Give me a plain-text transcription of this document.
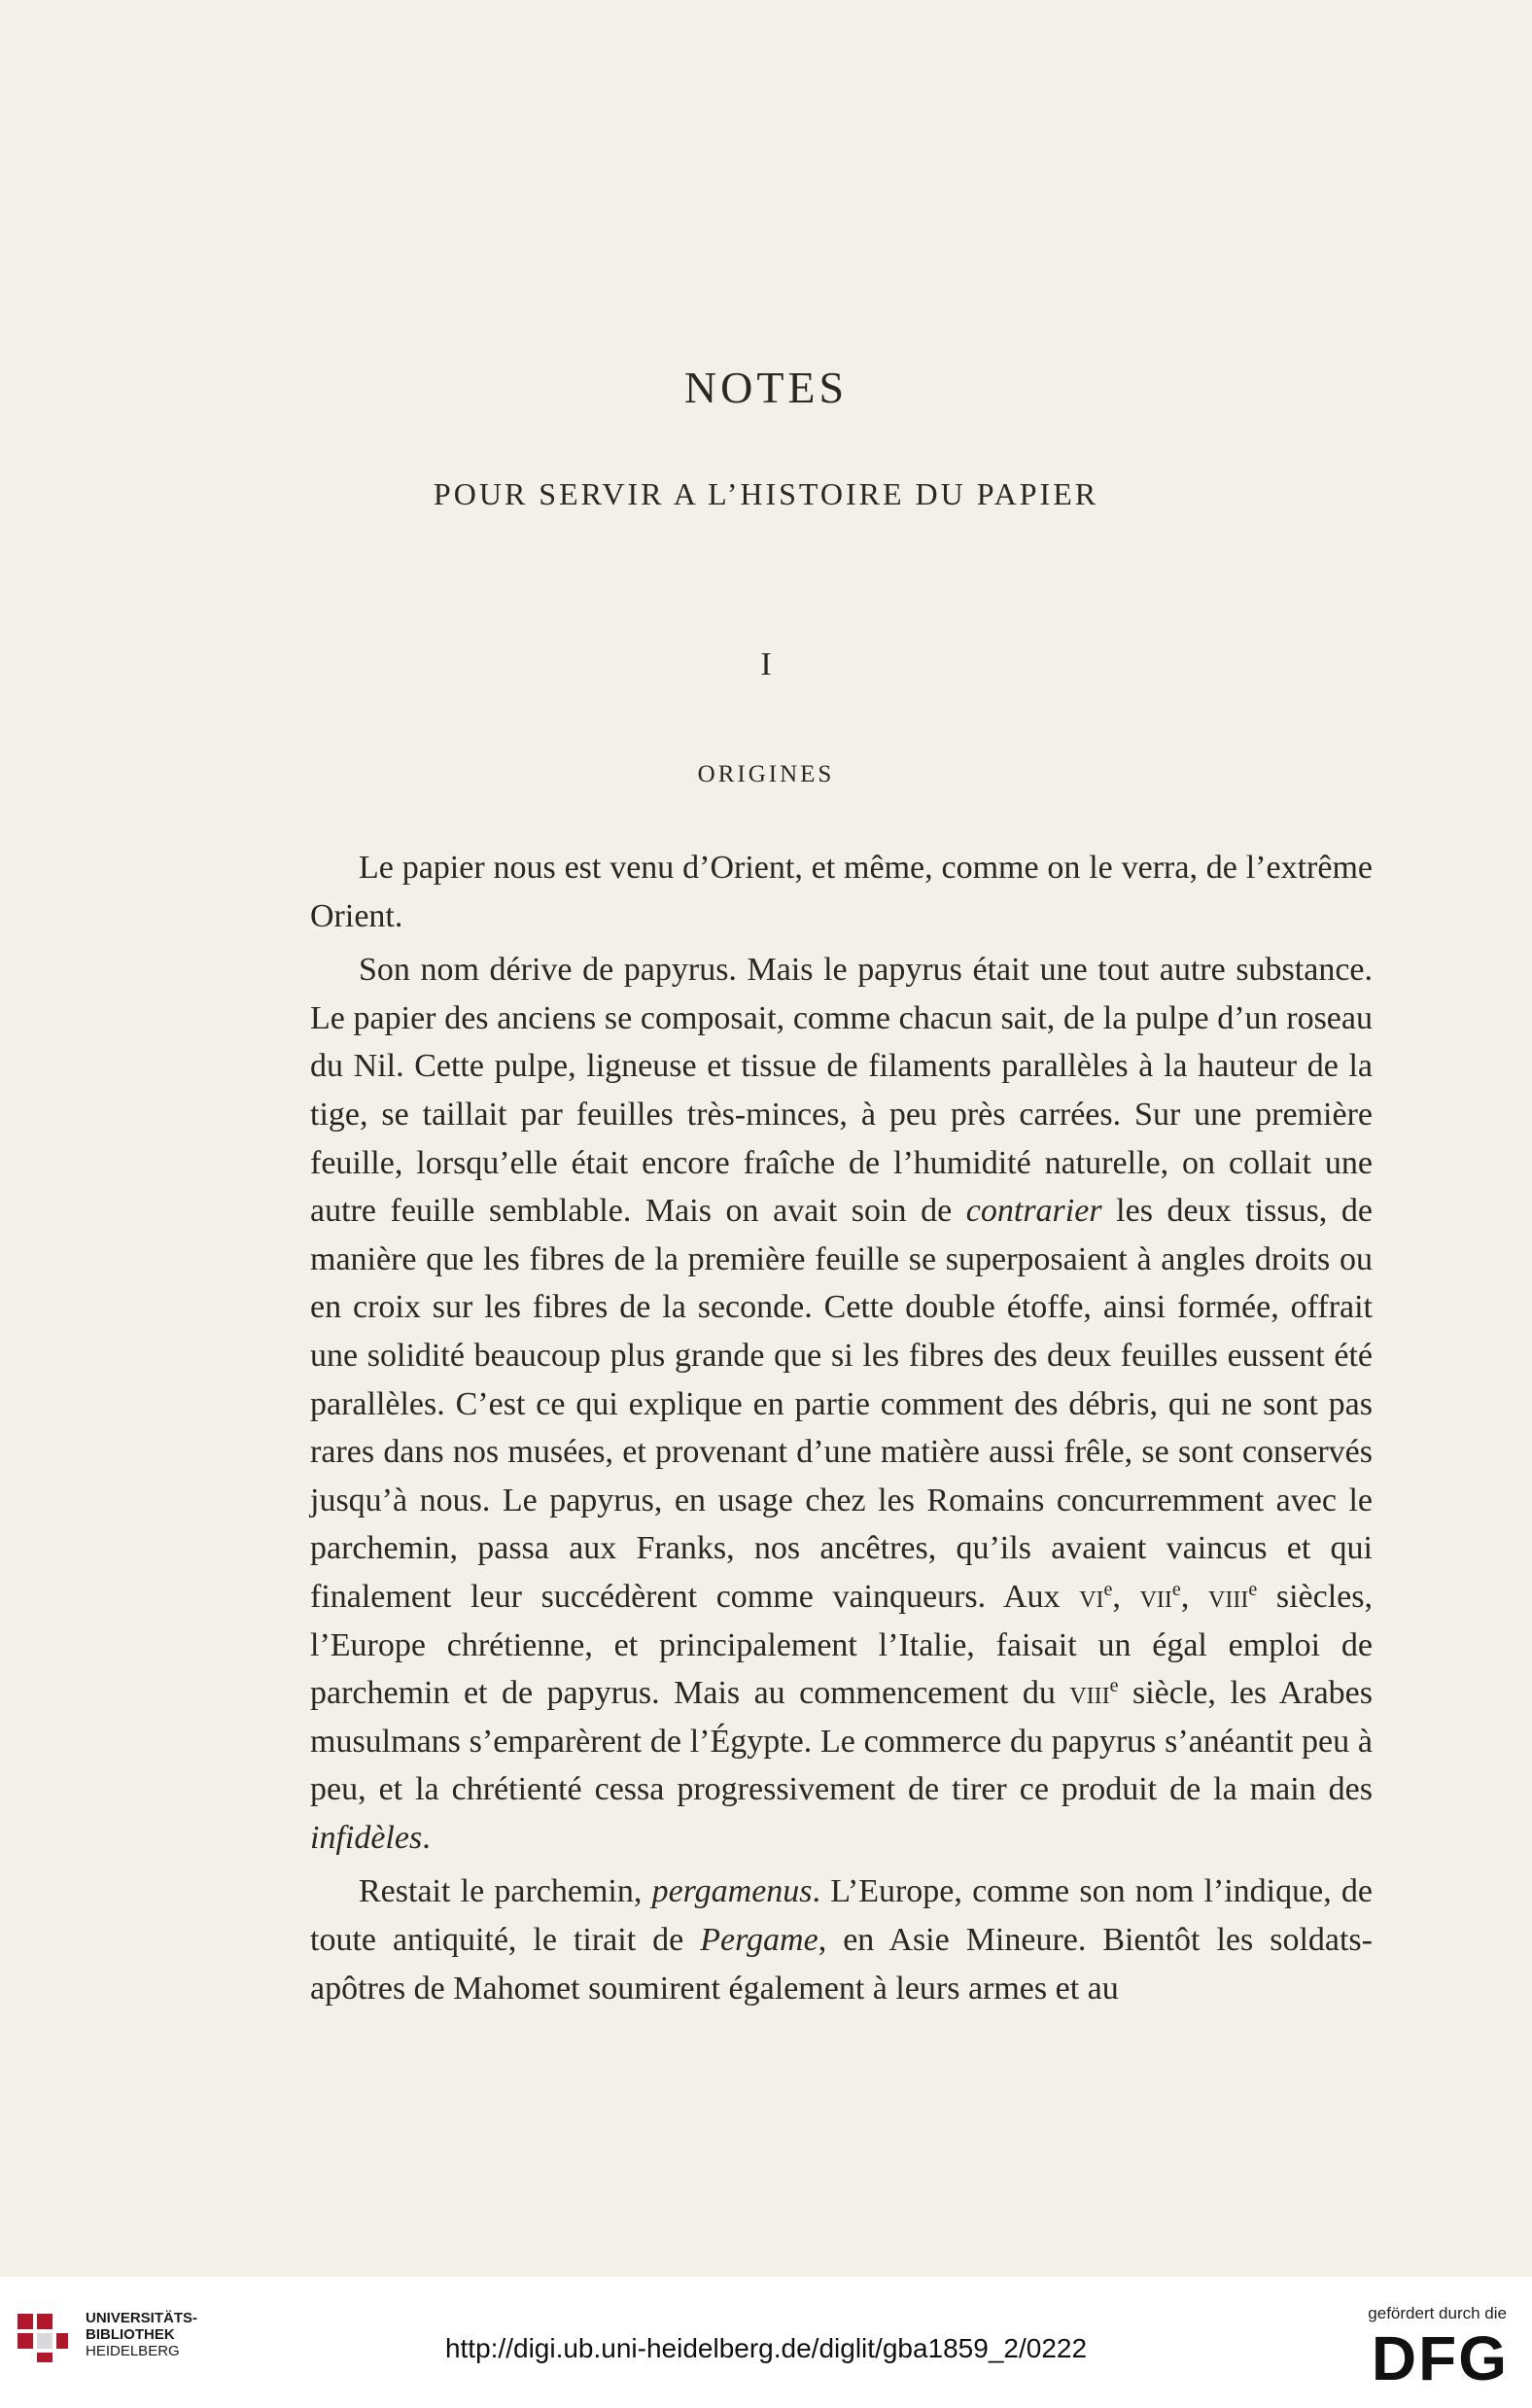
NOTES
POUR SERVIR A L’HISTOIRE DU PAPIER
I
ORIGINES

Le papier nous est venu d’Orient, et même, comme on le verra, de l’extrême Orient.

Son nom dérive de papyrus. Mais le papyrus était une tout autre substance. Le papier des anciens se composait, comme chacun sait, de la pulpe d’un roseau du Nil. Cette pulpe, ligneuse et tissue de filaments parallèles à la hauteur de la tige, se taillait par feuilles très-minces, à peu près carrées. Sur une première feuille, lorsqu’elle était encore fraîche de l’humidité naturelle, on collait une autre feuille semblable. Mais on avait soin de contrarier les deux tissus, de manière que les fibres de la première feuille se superposaient à angles droits ou en croix sur les fibres de la seconde. Cette double étoffe, ainsi formée, offrait une solidité beaucoup plus grande que si les fibres des deux feuilles eussent été parallèles. C’est ce qui explique en partie comment des débris, qui ne sont pas rares dans nos musées, et provenant d’une matière aussi frêle, se sont conservés jusqu’à nous. Le papyrus, en usage chez les Romains concurremment avec le parchemin, passa aux Franks, nos ancêtres, qu’ils avaient vaincus et qui finalement leur succédèrent comme vainqueurs. Aux $vi^e$, vii$^e$, viii$^e$ siècles, l’Europe chrétienne, et principalement l’Italie, faisait un égal emploi de parchemin et de papyrus. Mais au commencement du viii$^e$ siècle, les Arabes musulmans s’emparèrent de l’Égypte. Le commerce du papyrus s’anéantit peu à peu, et la chrétienté cessa progressivement de tirer ce produit de la main des infidèles.

Restait le parchemin, pergamenus. L’Europe, comme son nom l’indique, de toute antiquité, le tirait de Pergame, en Asie Mineure. Bientôt les soldats-apôtres de Mahomet soumirent également à leurs armes et au

UNIVERSITÄTS-
BIBLIOTHEK
HEIDELBERG	http://digi.ub.uni-heidelberg.de/diglit/gba1859_2/0222
gefördert durch die
DFG
